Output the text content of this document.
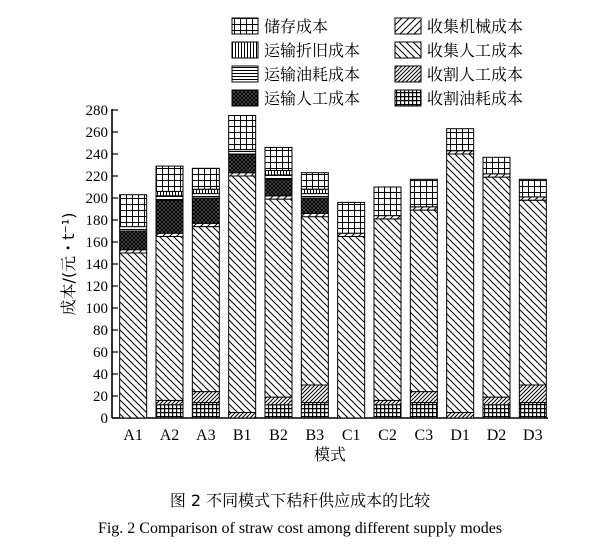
储存成本	收集机械成本
运输折旧成本	收集人工成本
运输油耗成本	收割人工成本
运输人工成本	收割油耗成本
0
20
40
60
80
100
120
140
160
180
200
220
240
260
280
成本/(元・t⁻¹)
A1 A2 A3 B1 B2 B3 C1 C2 C3 D1 D2 D3
模式
图 2 不同模式下秸秆供应成本的比较
Fig. 2 Comparison of straw cost among different supply modes
